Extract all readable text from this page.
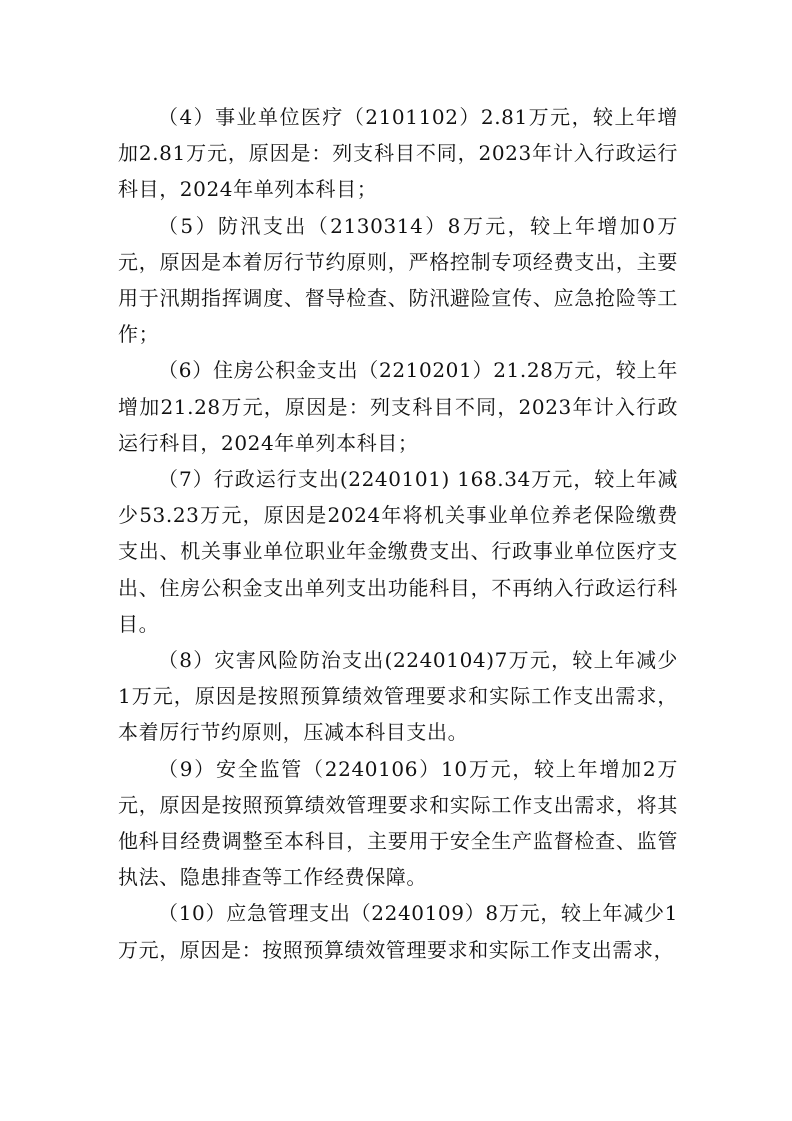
（4）事业单位医疗（2101102）2.81万元，较上年增加2.81万元，原因是：列支科目不同，2023年计入行政运行科目，2024年单列本科目；

（5）防汛支出（2130314）8万元，较上年增加0万元，原因是本着厉行节约原则，严格控制专项经费支出，主要用于汛期指挥调度、督导检查、防汛避险宣传、应急抢险等工作；

（6）住房公积金支出（2210201）21.28万元，较上年增加21.28万元，原因是：列支科目不同，2023年计入行政运行科目，2024年单列本科目；

（7）行政运行支出(2240101) 168.34万元，较上年减少53.23万元，原因是2024年将机关事业单位养老保险缴费支出、机关事业单位职业年金缴费支出、行政事业单位医疗支出、住房公积金支出单列支出功能科目，不再纳入行政运行科目。

（8）灾害风险防治支出(2240104)7万元，较上年减少1万元，原因是按照预算绩效管理要求和实际工作支出需求，本着厉行节约原则，压减本科目支出。

（9）安全监管（2240106）10万元，较上年增加2万元，原因是按照预算绩效管理要求和实际工作支出需求，将其他科目经费调整至本科目，主要用于安全生产监督检查、监管执法、隐患排查等工作经费保障。

（10）应急管理支出（2240109）8万元，较上年减少1万元，原因是：按照预算绩效管理要求和实际工作支出需求，
